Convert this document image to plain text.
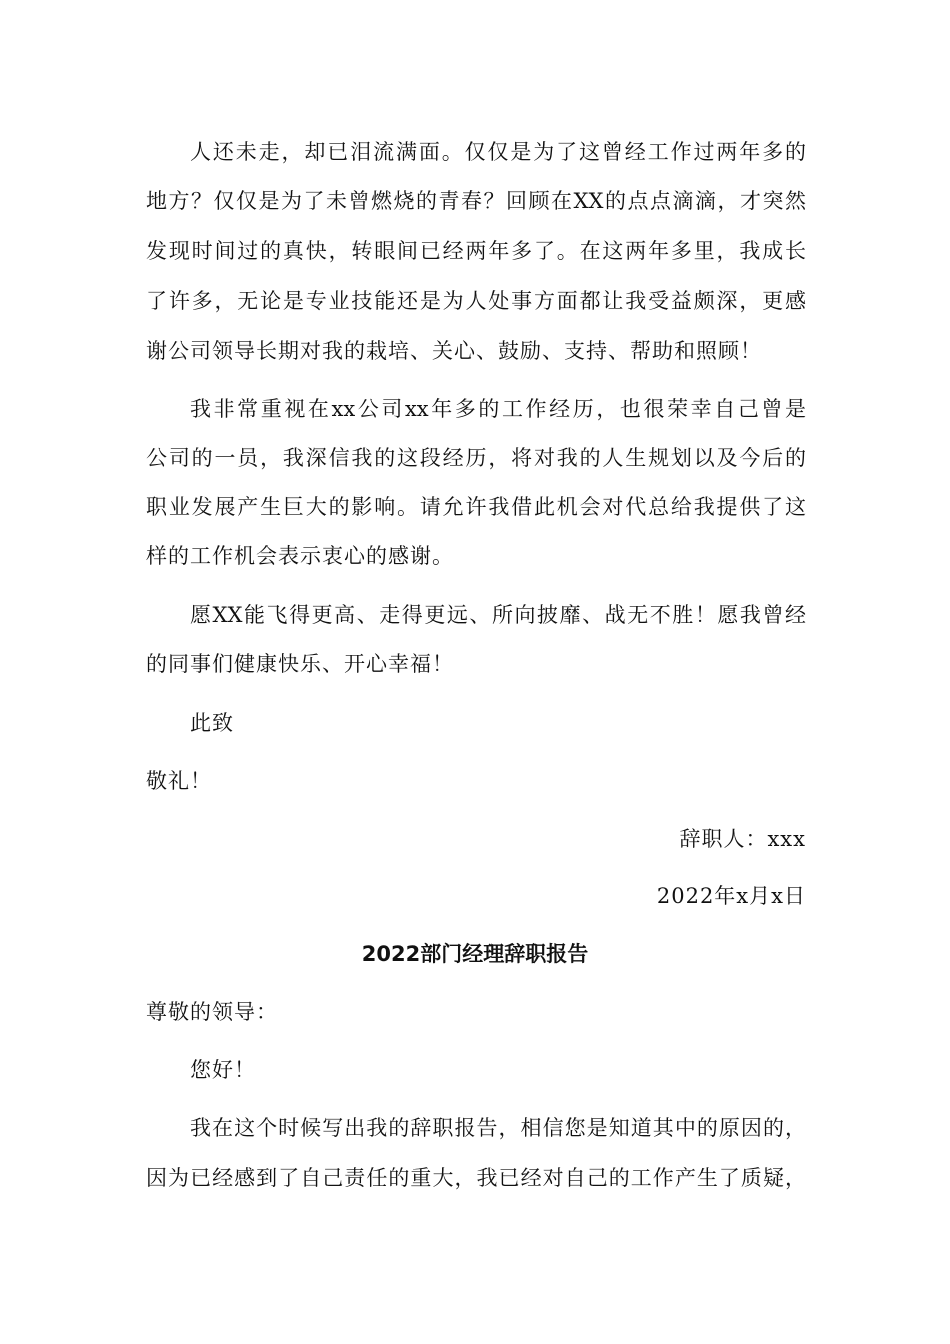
人还未走，却已泪流满面。仅仅是为了这曾经工作过两年多的
地方？仅仅是为了未曾燃烧的青春？回顾在XX的点点滴滴，才突然
发现时间过的真快，转眼间已经两年多了。在这两年多里，我成长
了许多，无论是专业技能还是为人处事方面都让我受益颇深，更感
谢公司领导长期对我的栽培、关心、鼓励、支持、帮助和照顾！
我非常重视在xx公司xx年多的工作经历，也很荣幸自己曾是
公司的一员，我深信我的这段经历，将对我的人生规划以及今后的
职业发展产生巨大的影响。请允许我借此机会对代总给我提供了这
样的工作机会表示衷心的感谢。
愿XX能飞得更高、走得更远、所向披靡、战无不胜！愿我曾经
的同事们健康快乐、开心幸福！
此致
敬礼！
辞职人：xxx
2022年x月x日
2022部门经理辞职报告
尊敬的领导：
您好！
我在这个时候写出我的辞职报告，相信您是知道其中的原因的，
因为已经感到了自己责任的重大，我已经对自己的工作产生了质疑，
